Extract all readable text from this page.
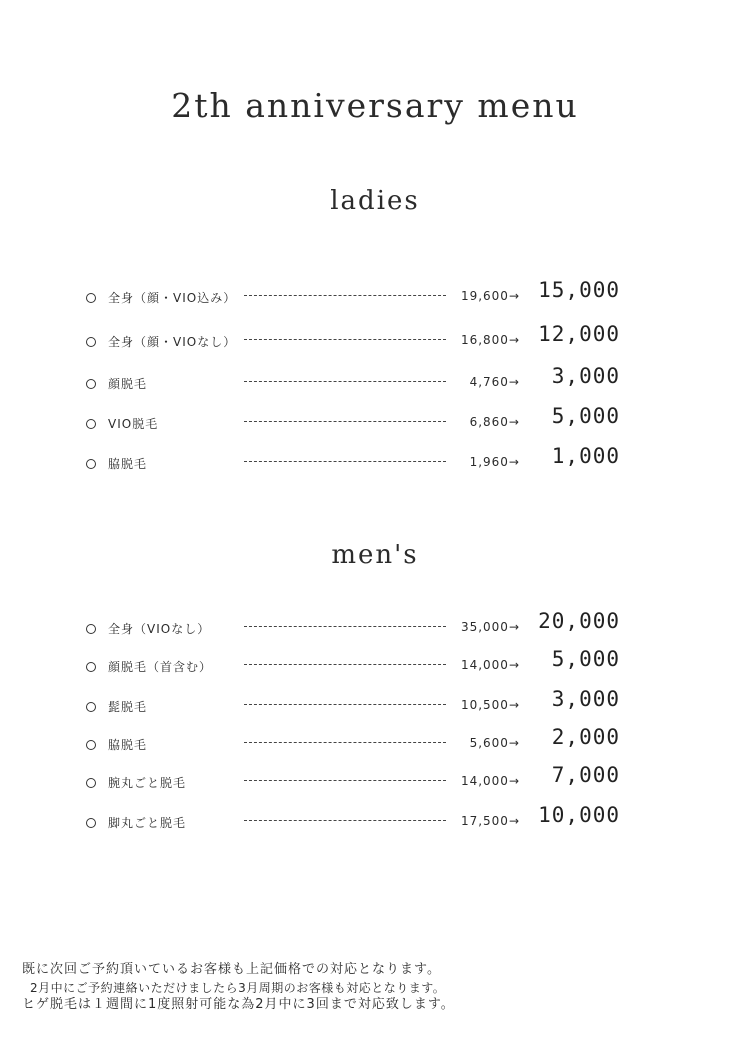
2th anniversary menu
ladies
全身（顔・VIO込み）	19,600→ 15,000
全身（顔・VIOなし）	16,800→ 12,000
顔脱毛	4,760→	3,000
VIO脱毛	6,860→	5,000
脇脱毛	1,960→	1,000
men's
全身（VIOなし）	35,000→ 20,000
顔脱毛（首含む）	14,000→	5,000
髭脱毛	10,500→	3,000
脇脱毛	5,600→	2,000
腕丸ごと脱毛	14,000→	7,000
脚丸ごと脱毛	17,500→ 10,000
既に次回ご予約頂いているお客様も上記価格での対応となります。
2月中にご予約連絡いただけましたら3月周期のお客様も対応となります。
ヒゲ脱毛は１週間に1度照射可能な為2月中に3回まで対応致します。
